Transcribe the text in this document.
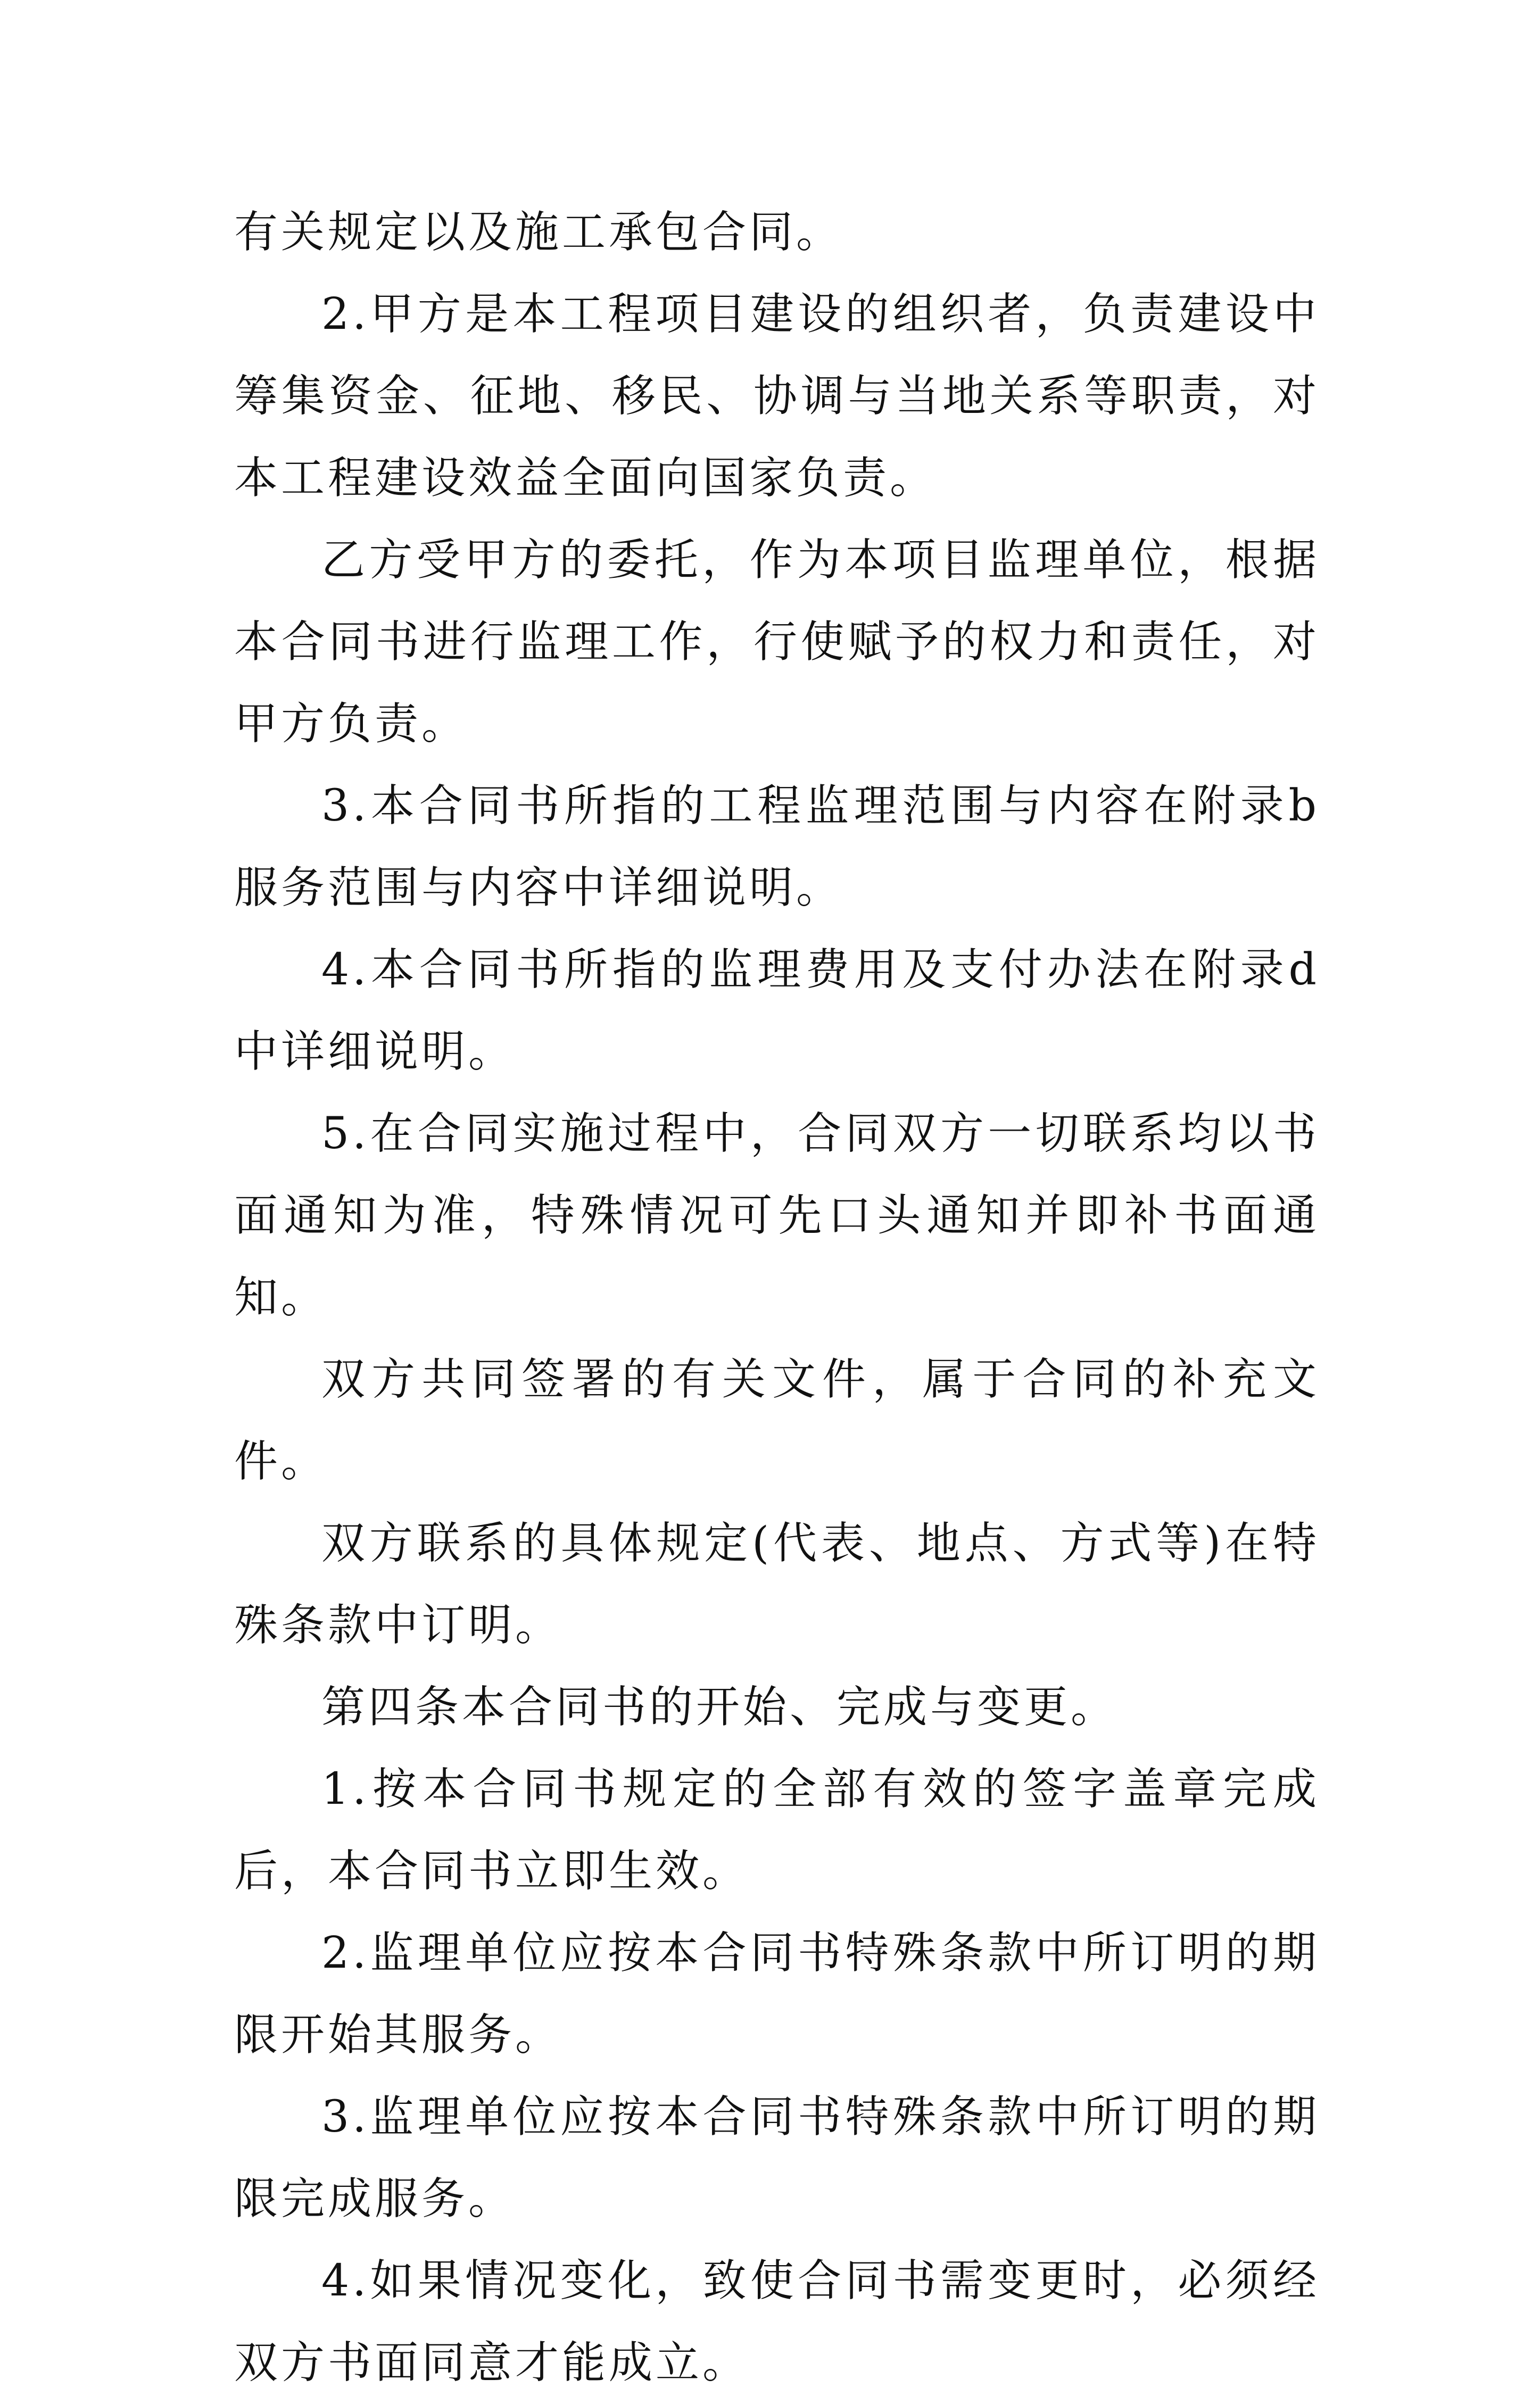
有关规定以及施工承包合同。

2.甲方是本工程项目建设的组织者，负责建设中筹集资金、征地、移民、协调与当地关系等职责，对本工程建设效益全面向国家负责。

乙方受甲方的委托，作为本项目监理单位，根据本合同书进行监理工作，行使赋予的权力和责任，对甲方负责。

3.本合同书所指的工程监理范围与内容在附录b服务范围与内容中详细说明。

4.本合同书所指的监理费用及支付办法在附录d中详细说明。

5.在合同实施过程中，合同双方一切联系均以书面通知为准，特殊情况可先口头通知并即补书面通知。

双方共同签署的有关文件，属于合同的补充文件。

双方联系的具体规定(代表、地点、方式等)在特殊条款中订明。

第四条本合同书的开始、完成与变更。

1.按本合同书规定的全部有效的签字盖章完成后，本合同书立即生效。

2.监理单位应按本合同书特殊条款中所订明的期限开始其服务。

3.监理单位应按本合同书特殊条款中所订明的期限完成服务。

4.如果情况变化，致使合同书需变更时，必须经双方书面同意才能成立。
